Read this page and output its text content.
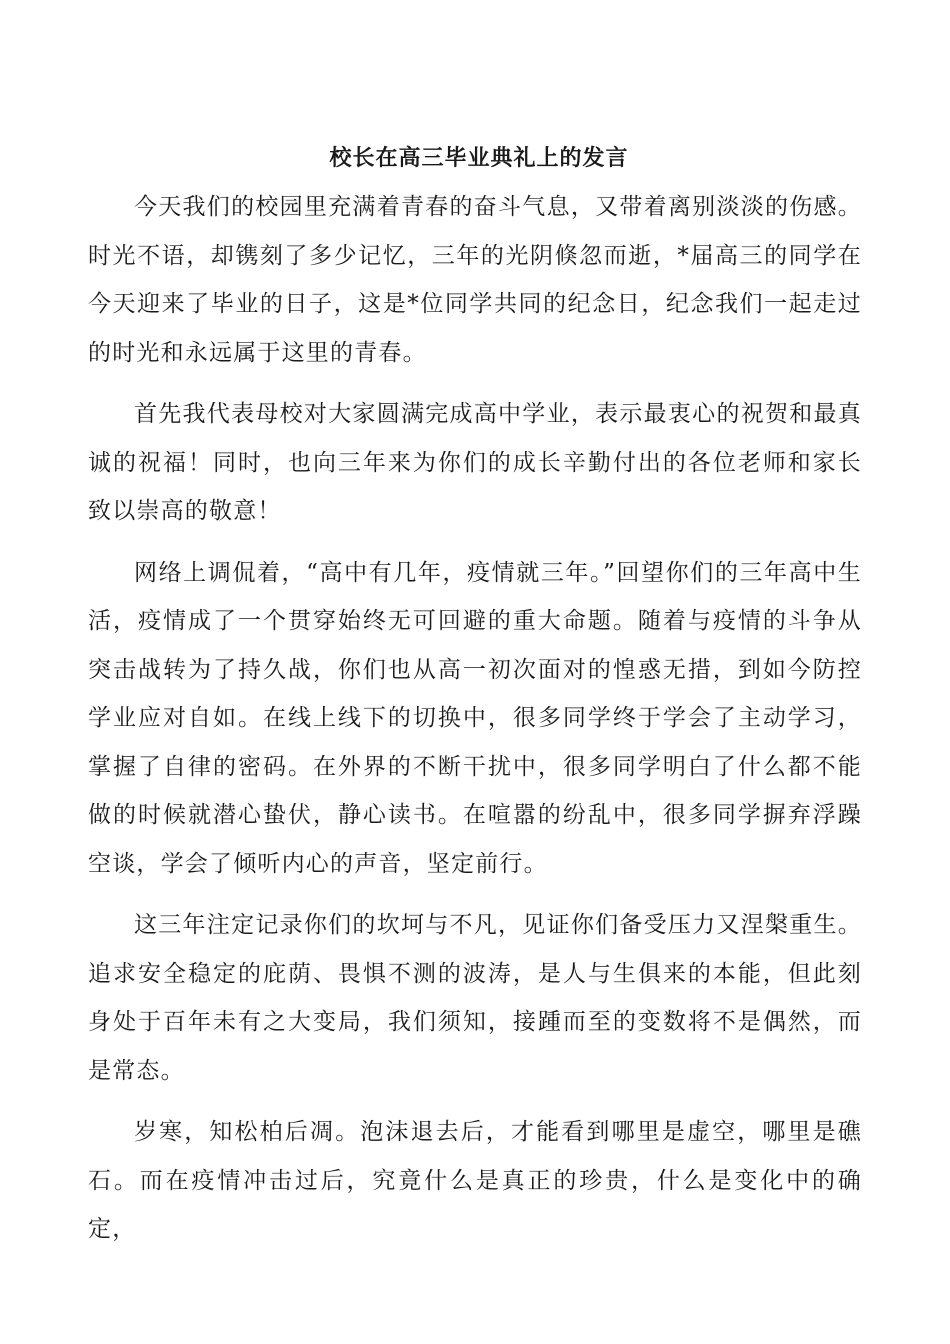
校长在高三毕业典礼上的发言

今天我们的校园里充满着青春的奋斗气息，又带着离别淡淡的伤感。时光不语，却镌刻了多少记忆，三年的光阴倏忽而逝，*届高三的同学在今天迎来了毕业的日子，这是*位同学共同的纪念日，纪念我们一起走过的时光和永远属于这里的青春。

首先我代表母校对大家圆满完成高中学业，表示最衷心的祝贺和最真诚的祝福！同时，也向三年来为你们的成长辛勤付出的各位老师和家长致以崇高的敬意！

网络上调侃着，“高中有几年，疫情就三年。”回望你们的三年高中生活，疫情成了一个贯穿始终无可回避的重大命题。随着与疫情的斗争从突击战转为了持久战，你们也从高一初次面对的惶惑无措，到如今防控学业应对自如。在线上线下的切换中，很多同学终于学会了主动学习，掌握了自律的密码。在外界的不断干扰中，很多同学明白了什么都不能做的时候就潜心蛰伏，静心读书。在喧嚣的纷乱中，很多同学摒弃浮躁空谈，学会了倾听内心的声音，坚定前行。

这三年注定记录你们的坎坷与不凡，见证你们备受压力又涅槃重生。追求安全稳定的庇荫、畏惧不测的波涛，是人与生俱来的本能，但此刻身处于百年未有之大变局，我们须知，接踵而至的变数将不是偶然，而是常态。

岁寒，知松柏后凋。泡沫退去后，才能看到哪里是虚空，哪里是礁石。而在疫情冲击过后，究竟什么是真正的珍贵，什么是变化中的确定，
